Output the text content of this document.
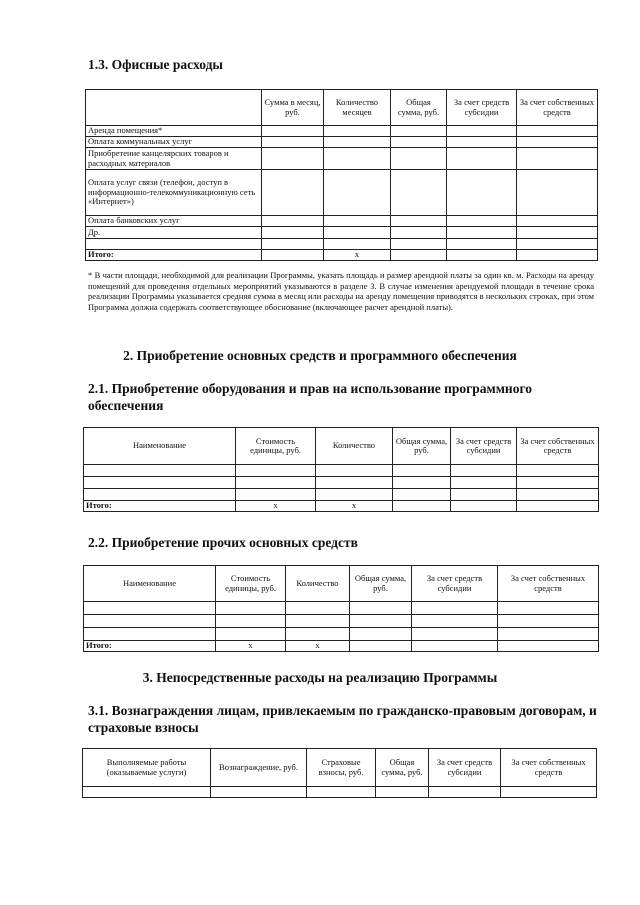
1.3. Офисные расходы
	Сумма в месяц, руб.	Количество месяцев	Общая сумма, руб.	За счет средств субсидии	За счет собственных средств
Аренда помещения*					
Оплата коммунальных услуг					
Приобретение канцелярских товаров и расходных материалов					
Оплата услуг связи (телефон, доступ в информационно-телекоммуникационную сеть «Интернет»)					
Оплата банковских услуг					
Др.					

Итого:		x			
* В части площади, необходимой для реализации Программы, указать площадь и размер арендной платы за один кв. м. Расходы на аренду помещений для проведения отдельных мероприятий указываются в разделе 3. В случае изменения арендуемой площади в течение срока реализации Программы указывается средняя сумма в месяц или расходы на аренду помещения приводятся в нескольких строках, при этом Программа должна содержать соответствующее обоснование (включающее расчет арендной платы).
2. Приобретение основных средств и программного обеспечения
2.1. Приобретение оборудования и прав на использование программного обеспечения
Наименование	Стоимость единицы, руб.	Количество	Общая сумма, руб.	За счет средств субсидии	За счет собственных средств

Итого:	x	x			
2.2. Приобретение прочих основных средств
Наименование	Стоимость единицы, руб.	Количество	Общая сумма, руб.	За счет средств субсидии	За счет собственных средств

Итого:	x	x			
3. Непосредственные расходы на реализацию Программы
3.1. Вознаграждения лицам, привлекаемым по гражданско-правовым договорам, и страховые взносы
Выполняемые работы (оказываемые услуги)	Вознаграждение, руб.	Страховые взносы, руб.	Общая сумма, руб.	За счет средств субсидии	За счет собственных средств
